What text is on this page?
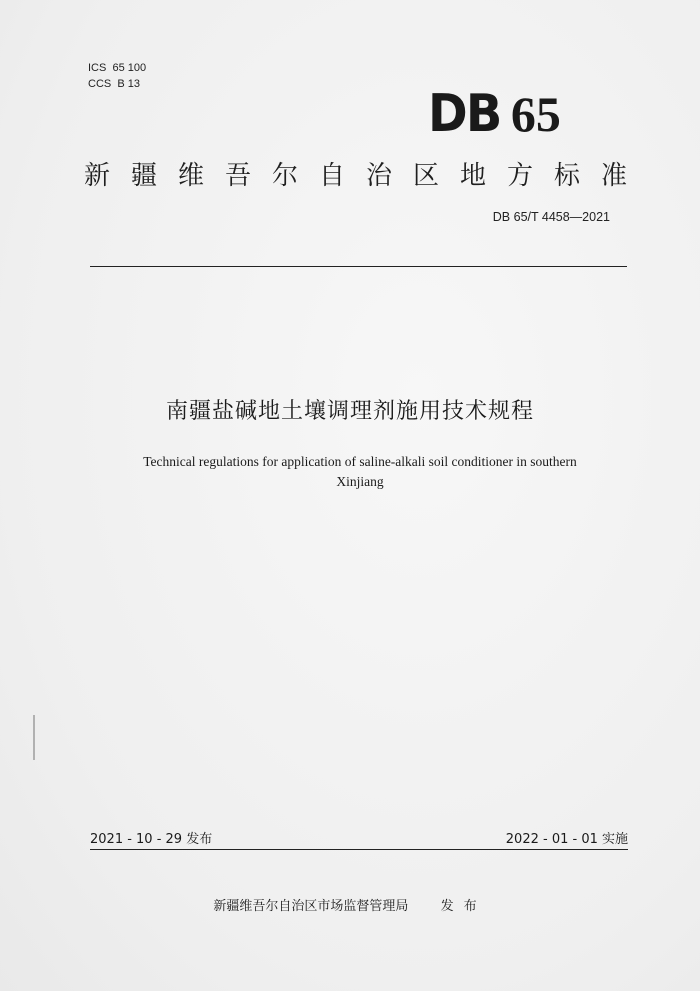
ICS  65 100
CCS  B 13	DB 65
新疆维吾尔自治区地方标准
DB 65/T 4458—2021
南疆盐碱地土壤调理剂施用技术规程
Technical regulations for application of saline-alkali soil conditioner in southern
Xinjiang
2021 - 10 - 29 发布	2022 - 01 - 01 实施
新疆维吾尔自治区市场监督管理局 发布
